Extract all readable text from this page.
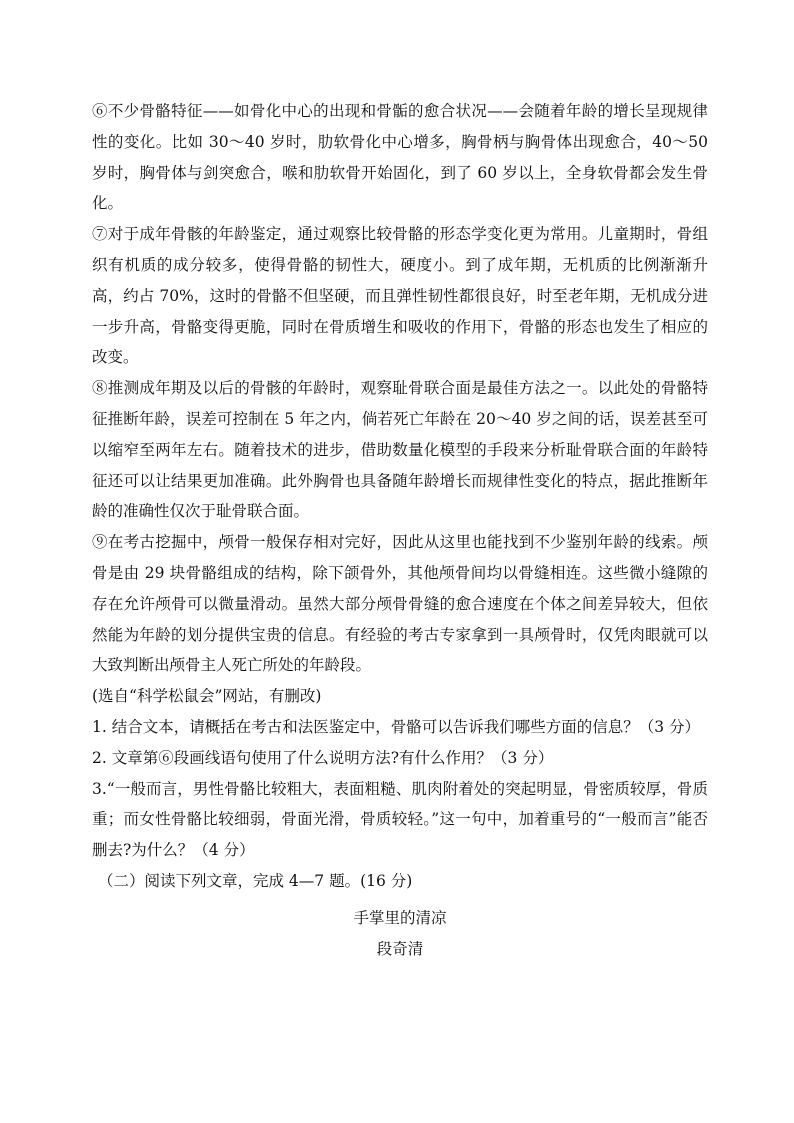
⑥不少骨骼特征——如骨化中心的出现和骨骺的愈合状况——会随着年龄的增长呈现规律性的变化。比如 30～40 岁时，肋软骨化中心增多，胸骨柄与胸骨体出现愈合，40～50 岁时，胸骨体与剑突愈合，喉和肋软骨开始固化，到了 60 岁以上，全身软骨都会发生骨化。

⑦对于成年骨骸的年龄鉴定，通过观察比较骨骼的形态学变化更为常用。儿童期时，骨组织有机质的成分较多，使得骨骼的韧性大，硬度小。到了成年期，无机质的比例渐渐升高，约占 70%，这时的骨骼不但坚硬，而且弹性韧性都很良好，时至老年期，无机成分进一步升高，骨骼变得更脆，同时在骨质增生和吸收的作用下，骨骼的形态也发生了相应的改变。

⑧推测成年期及以后的骨骸的年龄时，观察耻骨联合面是最佳方法之一。以此处的骨骼特征推断年龄，误差可控制在 5 年之内，倘若死亡年龄在 20～40 岁之间的话，误差甚至可以缩窄至两年左右。随着技术的进步，借助数量化模型的手段来分析耻骨联合面的年龄特征还可以让结果更加准确。此外胸骨也具备随年龄增长而规律性变化的特点，据此推断年龄的准确性仅次于耻骨联合面。

⑨在考古挖掘中，颅骨一般保存相对完好，因此从这里也能找到不少鉴别年龄的线索。颅骨是由 29 块骨骼组成的结构，除下颌骨外，其他颅骨间均以骨缝相连。这些微小缝隙的存在允许颅骨可以微量滑动。虽然大部分颅骨骨缝的愈合速度在个体之间差异较大，但依然能为年龄的划分提供宝贵的信息。有经验的考古专家拿到一具颅骨时，仅凭肉眼就可以大致判断出颅骨主人死亡所处的年龄段。

(选自“科学松鼠会”网站，有删改)

1. 结合文本，请概括在考古和法医鉴定中，骨骼可以告诉我们哪些方面的信息？（3 分）

2. 文章第⑥段画线语句使用了什么说明方法?有什么作用？（3 分）

3.“一般而言，男性骨骼比较粗大，表面粗糙、肌肉附着处的突起明显，骨密质较厚，骨质重；而女性骨骼比较细弱，骨面光滑，骨质较轻。”这一句中，加着重号的“一般而言”能否删去?为什么？（4 分）

（二）阅读下列文章，完成 4—7 题。(16 分)

手掌里的清凉

段奇清
